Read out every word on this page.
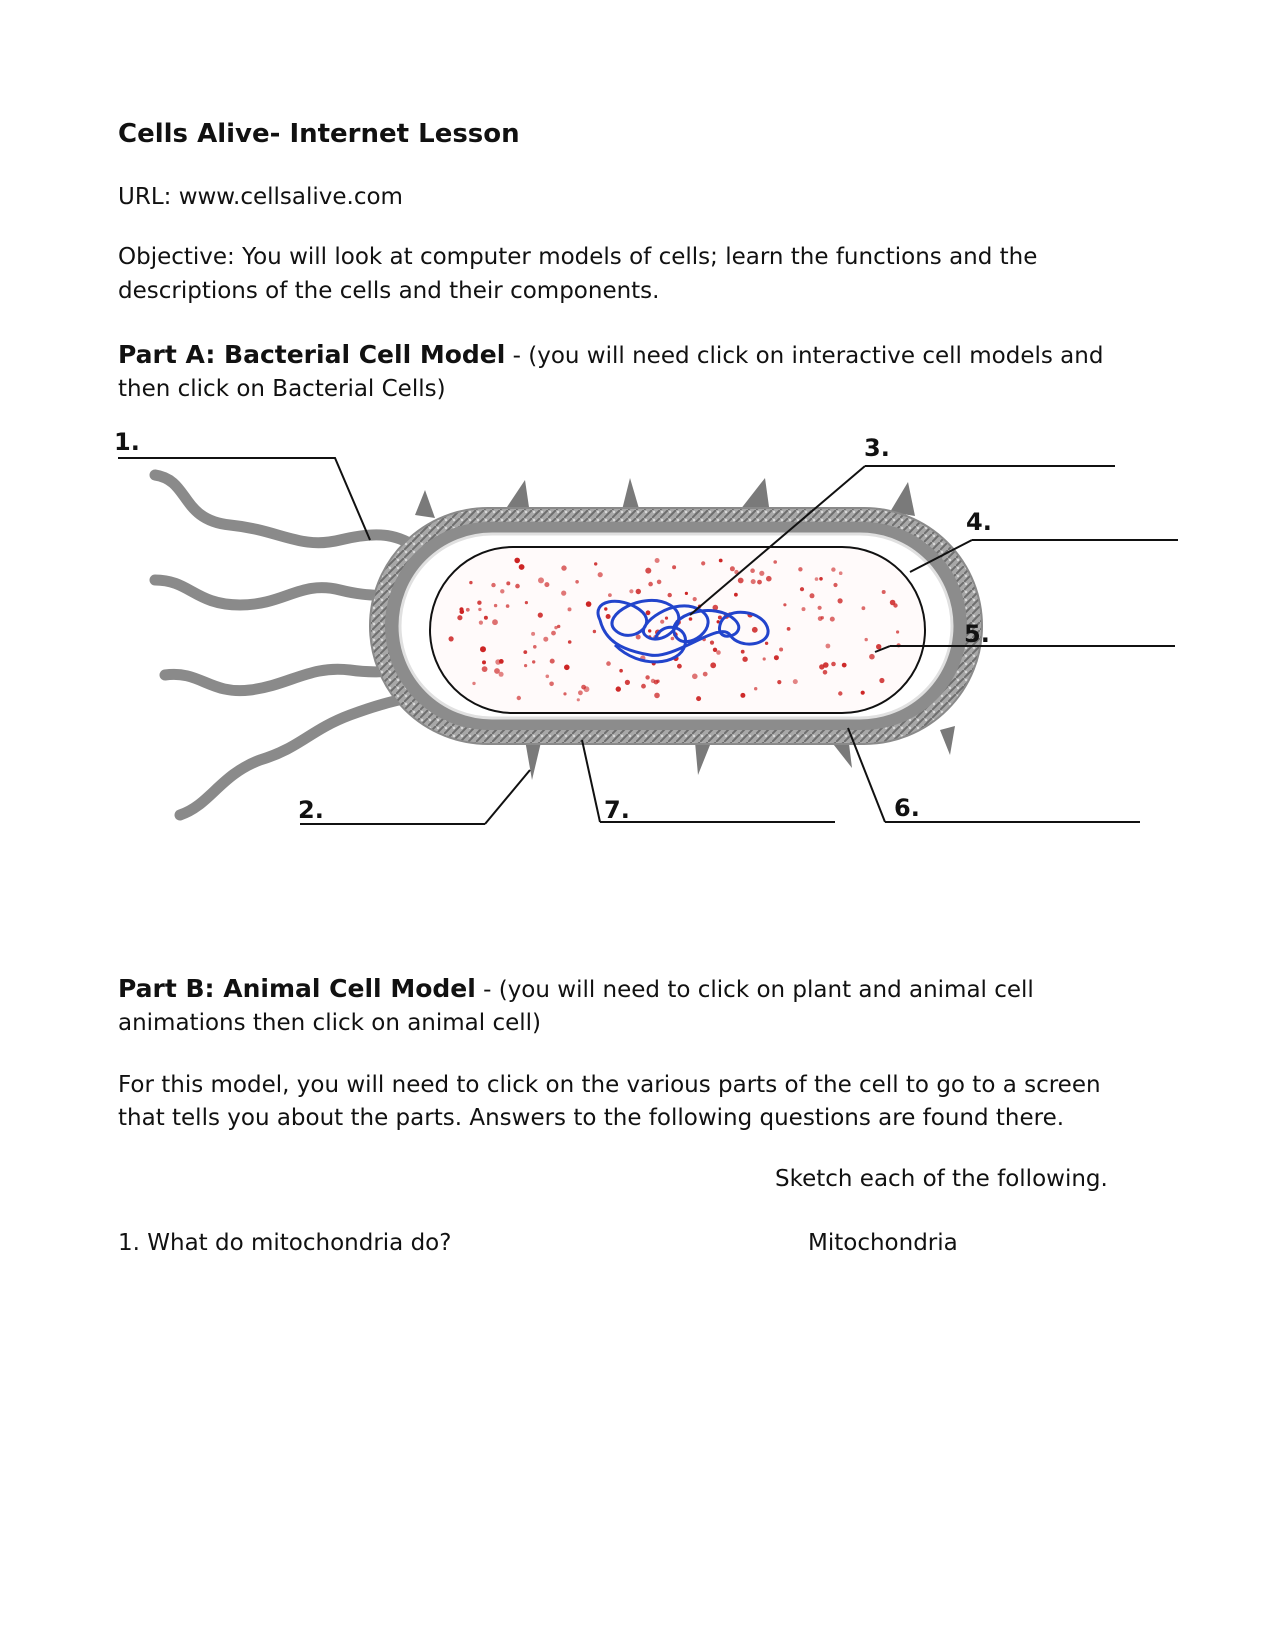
Cells Alive- Internet Lesson
URL: www.cellsalive.com
Objective: You will look at computer models of cells; learn the functions and the
descriptions of the cells and their components.
Part A: Bacterial Cell Model - (you will need click on interactive cell models and
then click on Bacterial Cells)
1.
2.
3.
4.
5.
6.
7.
Part B: Animal Cell Model - (you will need to click on plant and animal cell
animations then click on animal cell)
For this model, you will need to click on the various parts of the cell to go to a screen
that tells you about the parts. Answers to the following questions are found there.
Sketch each of the following.
1. What do mitochondria do?	Mitochondria
